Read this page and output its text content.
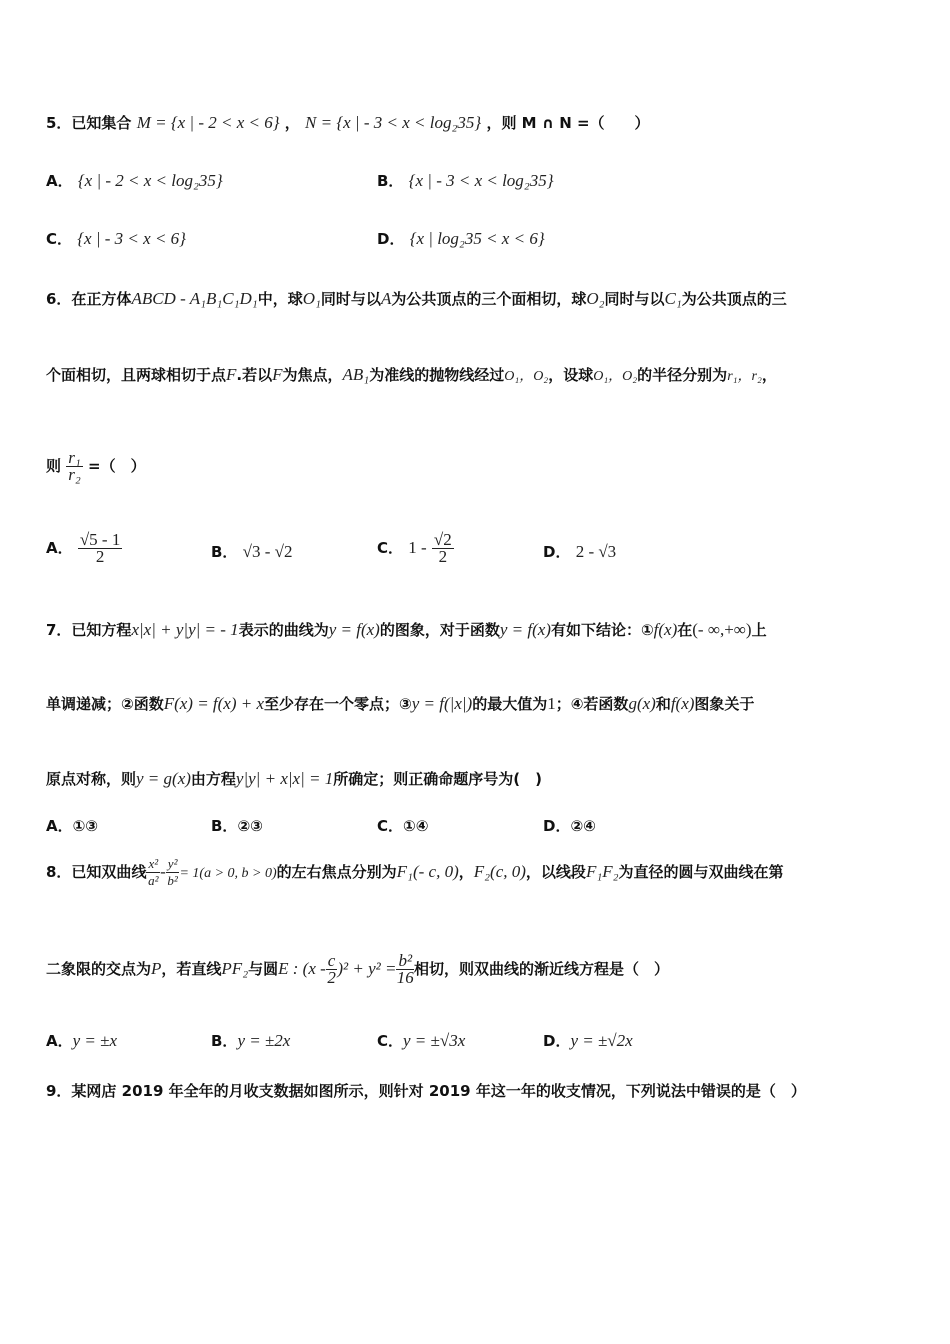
5．已知集合 M = {x | - 2 < x < 6} ， N = {x | - 3 < x < log₂35} ，则 M ∩ N =（　　）
A． {x | - 2 < x < log₂35}	B． {x | - 3 < x < log₂35}
C． {x | - 3 < x < 6}	D． {x | log₂35 < x < 6}
6．在正方体ABCD - A₁B₁C₁D₁中，球O₁同时与以A为公共顶点的三个面相切，球O₂同时与以C₁为公共顶点的三
个面相切，且两球相切于点F.若以F为焦点，AB₁为准线的抛物线经过O₁，O₂，设球O₁，O₂的半径分别为r₁，r₂，
则 $\frac{\text{r₁}}{\text{r₂}}$ =（　）
A． $\frac{√5 - 1}{2}$	B． √3 - √2	C． $1 - \frac{√2}{2}$	D． 2 - √3
7．已知方程x|x| + y|y| = - 1表示的曲线为y = f(x)的图象，对于函数y = f(x)有如下结论：①f(x)在(- ∞,+∞)上
单调递减；②函数F(x) = f(x) + x至少存在一个零点；③y = f(|x|)的最大值为1；④若函数g(x)和f(x)图象关于
原点对称，则y = g(x)由方程y|y| + x|x| = 1所确定；则正确命题序号为(　)
A．①③	B．②③	C．①④	D．②④
8．已知双曲线 $\frac{\text{x²}}{\text{a²}} - \frac{\text{y²}}{\text{b²}} = 1(a > 0$, b > 0)的左右焦点分别为F₁(- c, 0)，F₂(c, 0)，以线段F₁F₂为直径的圆与双曲线在第
二象限的交点为P，若直线PF₂与圆E : $(x - \frac{c}{2} )^2 + y^2 = \frac{\text{b²}}{16}$ 相切，则双曲线的渐近线方程是（　）
A．y = ±x	B．y = ±2x	C．y = ±√3x	D．y = ±√2x
9．某网店 2019 年全年的月收支数据如图所示，则针对 2019 年这一年的收支情况，下列说法中错误的是（　）
